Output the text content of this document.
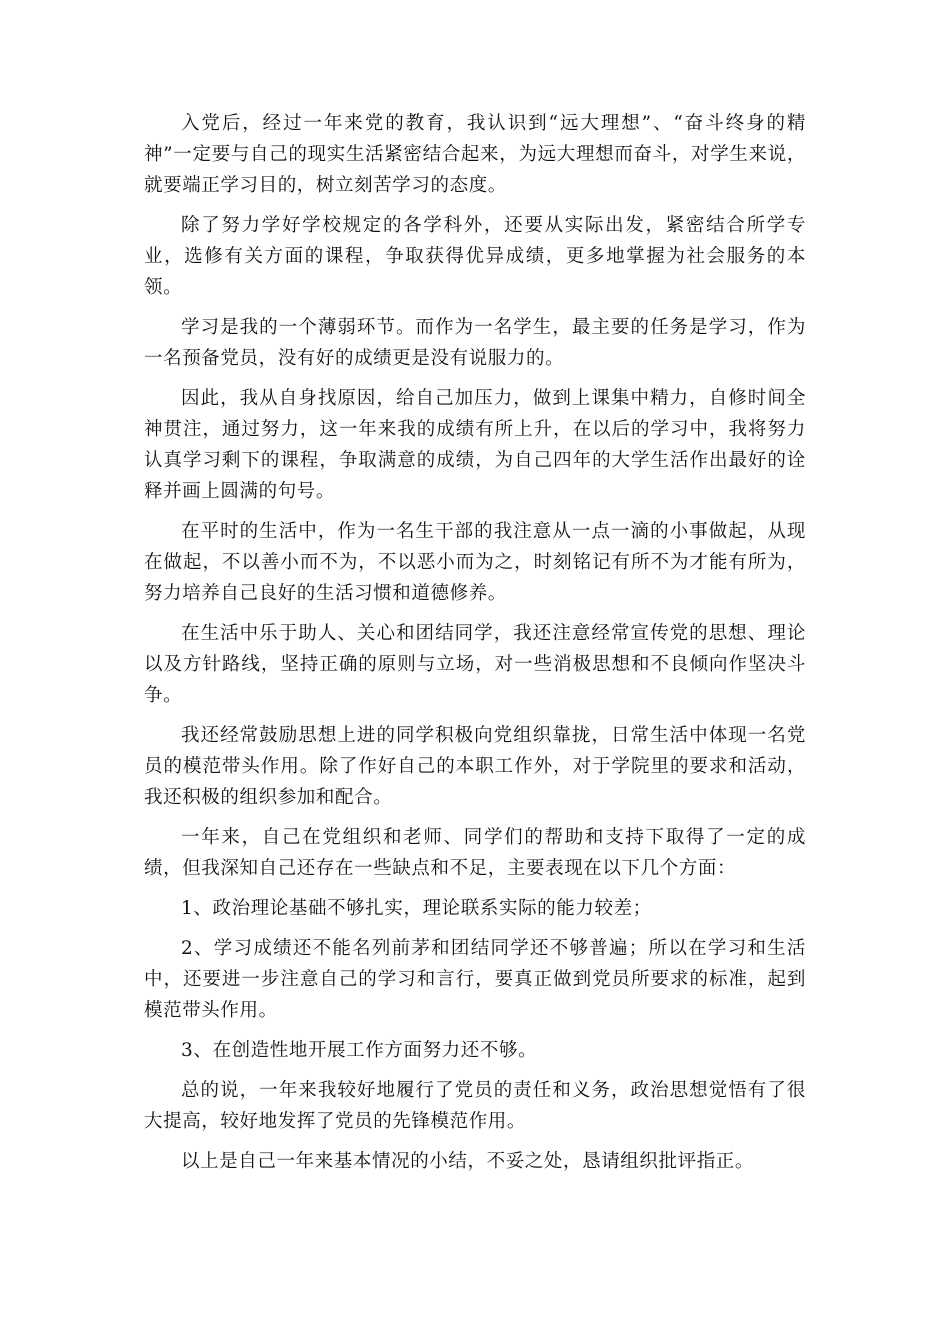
入党后，经过一年来党的教育，我认识到“远大理想”、“奋斗终身的精神”一定要与自己的现实生活紧密结合起来，为远大理想而奋斗，对学生来说，就要端正学习目的，树立刻苦学习的态度。

除了努力学好学校规定的各学科外，还要从实际出发，紧密结合所学专业，选修有关方面的课程，争取获得优异成绩，更多地掌握为社会服务的本领。

学习是我的一个薄弱环节。而作为一名学生，最主要的任务是学习，作为一名预备党员，没有好的成绩更是没有说服力的。

因此，我从自身找原因，给自己加压力，做到上课集中精力，自修时间全神贯注，通过努力，这一年来我的成绩有所上升，在以后的学习中，我将努力认真学习剩下的课程，争取满意的成绩，为自己四年的大学生活作出最好的诠释并画上圆满的句号。

在平时的生活中，作为一名生干部的我注意从一点一滴的小事做起，从现在做起，不以善小而不为，不以恶小而为之，时刻铭记有所不为才能有所为，努力培养自己良好的生活习惯和道德修养。

在生活中乐于助人、关心和团结同学，我还注意经常宣传党的思想、理论以及方针路线，坚持正确的原则与立场，对一些消极思想和不良倾向作坚决斗争。

我还经常鼓励思想上进的同学积极向党组织靠拢，日常生活中体现一名党员的模范带头作用。除了作好自己的本职工作外，对于学院里的要求和活动，我还积极的组织参加和配合。

一年来，自己在党组织和老师、同学们的帮助和支持下取得了一定的成绩，但我深知自己还存在一些缺点和不足，主要表现在以下几个方面：

1、政治理论基础不够扎实，理论联系实际的能力较差；

2、学习成绩还不能名列前茅和团结同学还不够普遍；所以在学习和生活中，还要进一步注意自己的学习和言行，要真正做到党员所要求的标准，起到模范带头作用。

3、在创造性地开展工作方面努力还不够。

总的说，一年来我较好地履行了党员的责任和义务，政治思想觉悟有了很大提高，较好地发挥了党员的先锋模范作用。

以上是自己一年来基本情况的小结，不妥之处，恳请组织批评指正。
